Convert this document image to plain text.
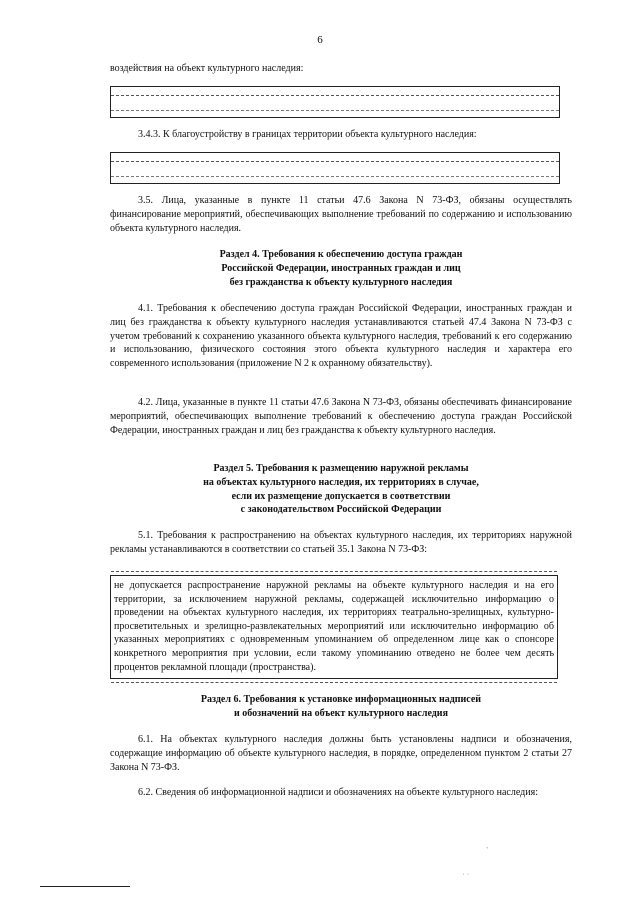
6

воздействия на объект культурного наследия:

3.4.3. К благоустройству в границах территории объекта культурного наследия:

3.5. Лица, указанные в пункте 11 статьи 47.6 Закона N 73-ФЗ, обязаны осуществлять финансирование мероприятий, обеспечивающих выполнение требований по содержанию и использованию объекта культурного наследия.

Раздел 4. Требования к обеспечению доступа граждан
Российской Федерации, иностранных граждан и лиц
без гражданства к объекту культурного наследия

4.1. Требования к обеспечению доступа граждан Российской Федерации, иностранных граждан и лиц без гражданства к объекту культурного наследия устанавливаются статьей 47.4 Закона N 73-ФЗ с учетом требований к сохранению указанного объекта культурного наследия, требований к его содержанию и использованию, физического состояния этого объекта культурного наследия и характера его современного использования (приложение N 2 к охранному обязательству).

4.2. Лица, указанные в пункте 11 статьи 47.6 Закона N 73-ФЗ, обязаны обеспечивать финансирование мероприятий, обеспечивающих выполнение требований к обеспечению доступа граждан Российской Федерации, иностранных граждан и лиц без гражданства к объекту культурного наследия.

Раздел 5. Требования к размещению наружной рекламы
на объектах культурного наследия, их территориях в случае,
если их размещение допускается в соответствии
с законодательством Российской Федерации

5.1. Требования к распространению на объектах культурного наследия, их территориях наружной рекламы устанавливаются в соответствии со статьей 35.1 Закона N 73-ФЗ:

не допускается распространение наружной рекламы на объекте культурного наследия и на его территории, за исключением наружной рекламы, содержащей исключительно информацию о проведении на объектах культурного наследия, их территориях театрально-зрелищных, культурно-просветительных и зрелищно-развлекательных мероприятий или исключительно информацию об указанных мероприятиях с одновременным упоминанием об определенном лице как о спонсоре конкретного мероприятия при условии, если такому упоминанию отведено не более чем десять процентов рекламной площади (пространства).

Раздел 6. Требования к установке информационных надписей
и обозначений на объект культурного наследия

6.1. На объектах культурного наследия должны быть установлены надписи и обозначения, содержащие информацию об объекте культурного наследия, в порядке, определенном пунктом 2 статьи 27 Закона N 73-ФЗ.

6.2. Сведения об информационной надписи и обозначениях на объекте культурного наследия:

`
˙ ˙
